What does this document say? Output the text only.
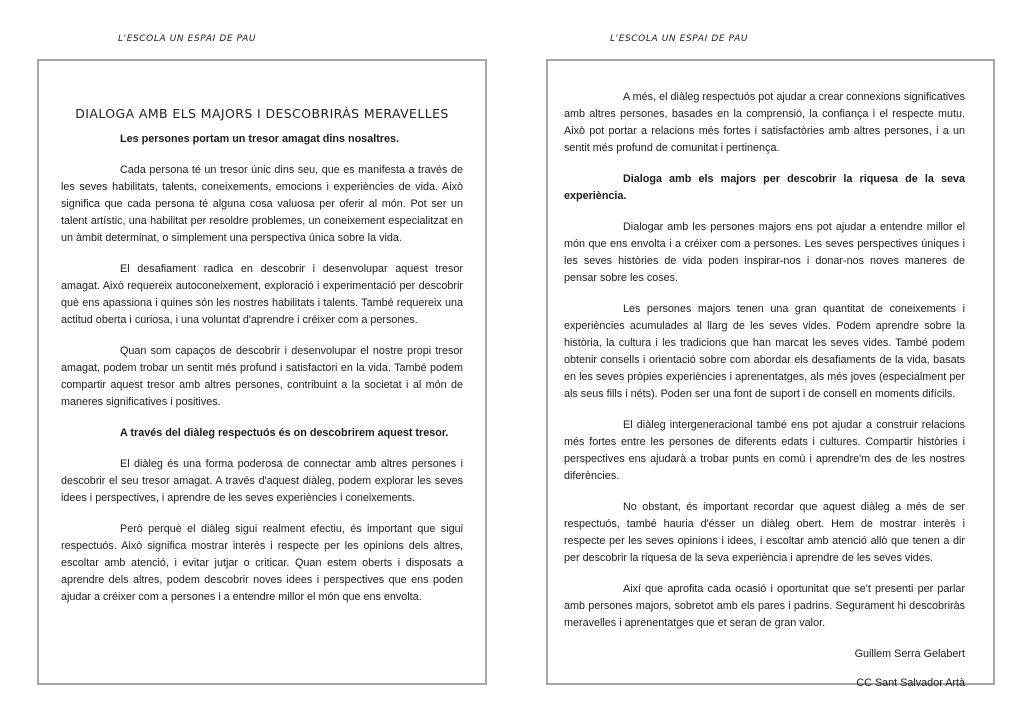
L'ESCOLA UN ESPAI DE PAU	L'ESCOLA UN ESPAI DE PAU
DIALOGA AMB ELS MAJORS I DESCOBRIRÀS MERAVELLES

Les persones portam un tresor amagat dins nosaltres.

Cada persona té un tresor únic dins seu, que es manifesta a través de les seves habilitats, talents, coneixements, emocions i experiències de vida. Això significa que cada persona té alguna cosa valuosa per oferir al món. Pot ser un talent artístic, una habilitat per resoldre problemes, un coneixement especialitzat en un àmbit determinat, o simplement una perspectiva única sobre la vida.

El desafiament radica en descobrir i desenvolupar aquest tresor amagat. Això requereix autoconeixement, exploració i experimentació per descobrir què ens apassiona i quines són les nostres habilitats i talents. També requereix una actitud oberta i curiosa, i una voluntat d'aprendre i créixer com a persones.

Quan som capaços de descobrir i desenvolupar el nostre propi tresor amagat, podem trobar un sentit més profund i satisfactori en la vida. També podem compartir aquest tresor amb altres persones, contribuint a la societat i al món de maneres significatives i positives.

A través del diàleg respectuós és on descobrirem aquest tresor.

El diàleg és una forma poderosa de connectar amb altres persones i descobrir el seu tresor amagat. A través d'aquest diàleg, podem explorar les seves idees i perspectives, i aprendre de les seves experiències i coneixements.

Però perquè el diàleg sigui realment efectiu, és important que sigui respectuós. Això significa mostrar interès i respecte per les opinions dels altres, escoltar amb atenció, i evitar jutjar o criticar. Quan estem oberts i disposats a aprendre dels altres, podem descobrir noves idees i perspectives que ens poden ajudar a créixer com a persones i a entendre millor el món que ens envolta.

A més, el diàleg respectuós pot ajudar a crear connexions significatives amb altres persones, basades en la comprensió, la confiança i el respecte mutu. Això pot portar a relacions més fortes i satisfactòries amb altres persones, i a un sentit més profund de comunitat i pertinença.

Dialoga amb els majors per descobrir la riquesa de la seva experiència.

Dialogar amb les persones majors ens pot ajudar a entendre millor el món que ens envolta i a créixer com a persones. Les seves perspectives úniques i les seves històries de vida poden inspirar-nos i donar-nos noves maneres de pensar sobre les coses.

Les persones majors tenen una gran quantitat de coneixements i experiències acumulades al llarg de les seves vides. Podem aprendre sobre la història, la cultura i les tradicions que han marcat les seves vides. També podem obtenir consells i orientació sobre com abordar els desafiaments de la vida, basats en les seves pròpies experiències i aprenentatges, als més joves (especialment per als seus fills i néts). Poden ser una font de suport i de consell en moments difícils.

El diàleg intergeneracional també ens pot ajudar a construir relacions més fortes entre les persones de diferents edats i cultures. Compartir històries i perspectives ens ajudarà a trobar punts en comú i aprendre'm des de les nostres diferències.

No obstant, és important recordar que aquest diàleg a més de ser respectuós, també hauria d'ésser un diàleg obert. Hem de mostrar interès i respecte per les seves opinions i idees, i escoltar amb atenció allò que tenen a dir per descobrir la riquesa de la seva experiència i aprendre de les seves vides.

Així que aprofita cada ocasió i oportunitat que se't presenti per parlar amb persones majors, sobretot amb els pares i padrins. Segurament hi descobriràs meravelles i aprenentatges que et seran de gran valor.

Guillem Serra Gelabert
CC Sant Salvador Artà
